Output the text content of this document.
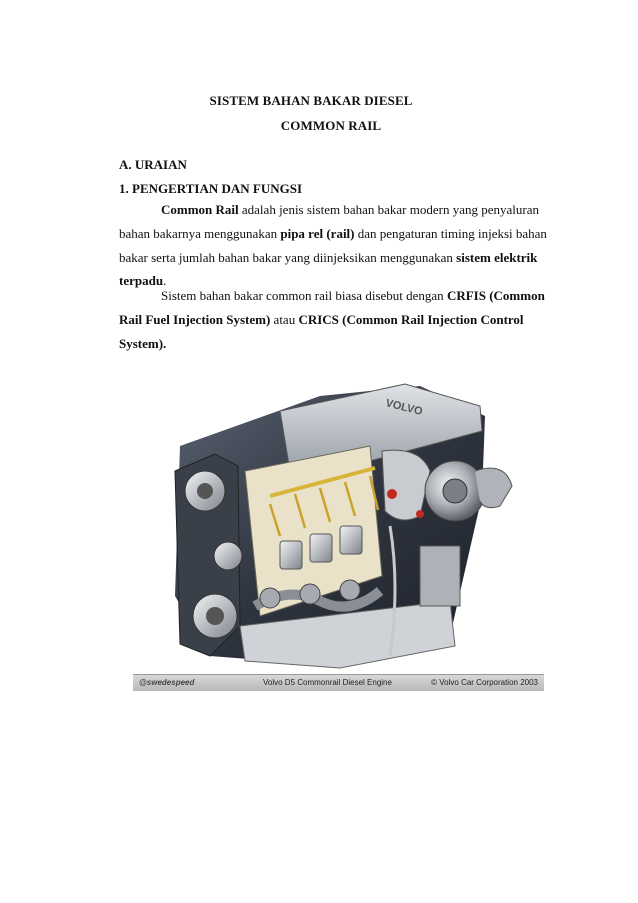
SISTEM BAHAN BAKAR DIESEL
COMMON RAIL
A. URAIAN
1. PENGERTIAN DAN FUNGSI
Common Rail adalah jenis sistem bahan bakar modern yang penyaluran bahan bakarnya menggunakan pipa rel (rail) dan pengaturan timing injeksi bahan bakar serta jumlah bahan bakar yang diinjeksikan menggunakan sistem elektrik terpadu.
Sistem bahan bakar common rail biasa disebut dengan CRFIS (Common Rail Fuel Injection System) atau CRICS (Common Rail Injection Control System).
VOLVO
@swedespeed	Volvo D5 Commonrail Diesel Engine	© Volvo Car Corporation 2003
